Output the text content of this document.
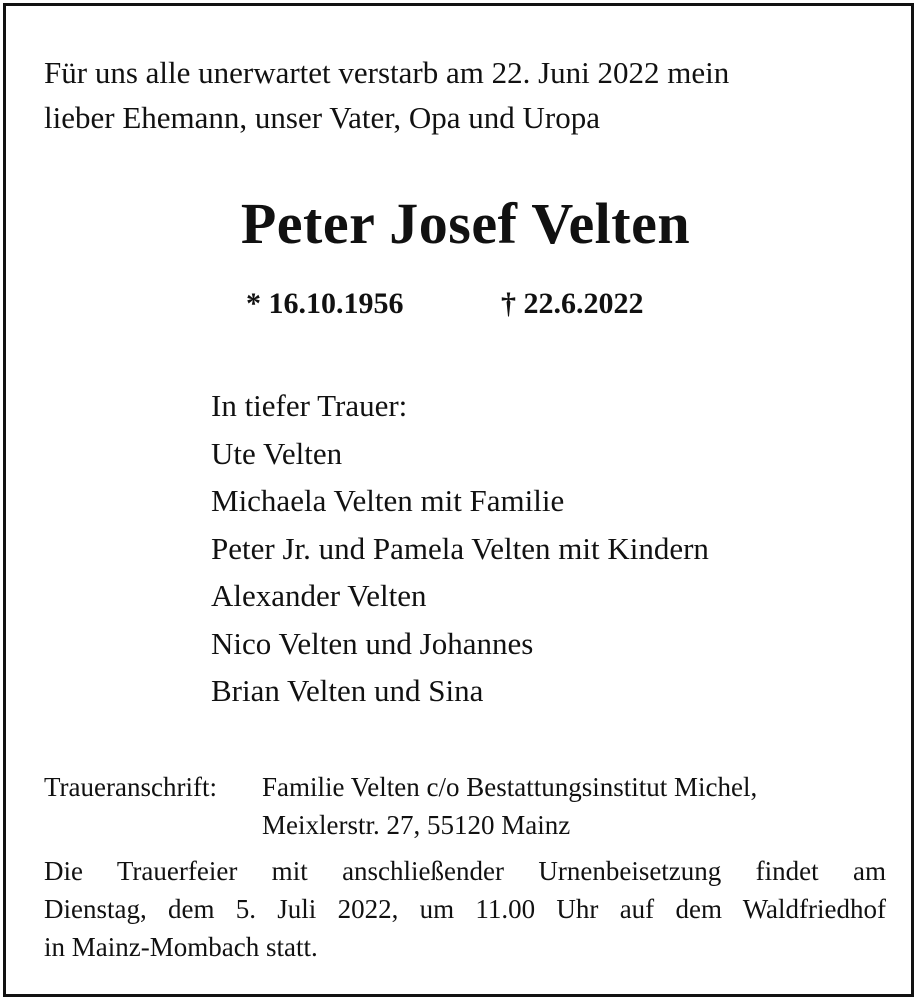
Für uns alle unerwartet verstarb am 22. Juni 2022 mein
lieber Ehemann, unser Vater, Opa und Uropa
Peter Josef Velten
* 16.10.1956	† 22.6.2022
In tiefer Trauer:
Ute Velten
Michaela Velten mit Familie
Peter Jr. und Pamela Velten mit Kindern
Alexander Velten
Nico Velten und Johannes
Brian Velten und Sina
Traueranschrift: Familie Velten c/o Bestattungsinstitut Michel,
Meixlerstr. 27, 55120 Mainz
Die Trauerfeier mit anschließender Urnenbeisetzung findet am
Dienstag, dem 5. Juli 2022, um 11.00 Uhr auf dem Waldfriedhof
in Mainz-Mombach statt.
